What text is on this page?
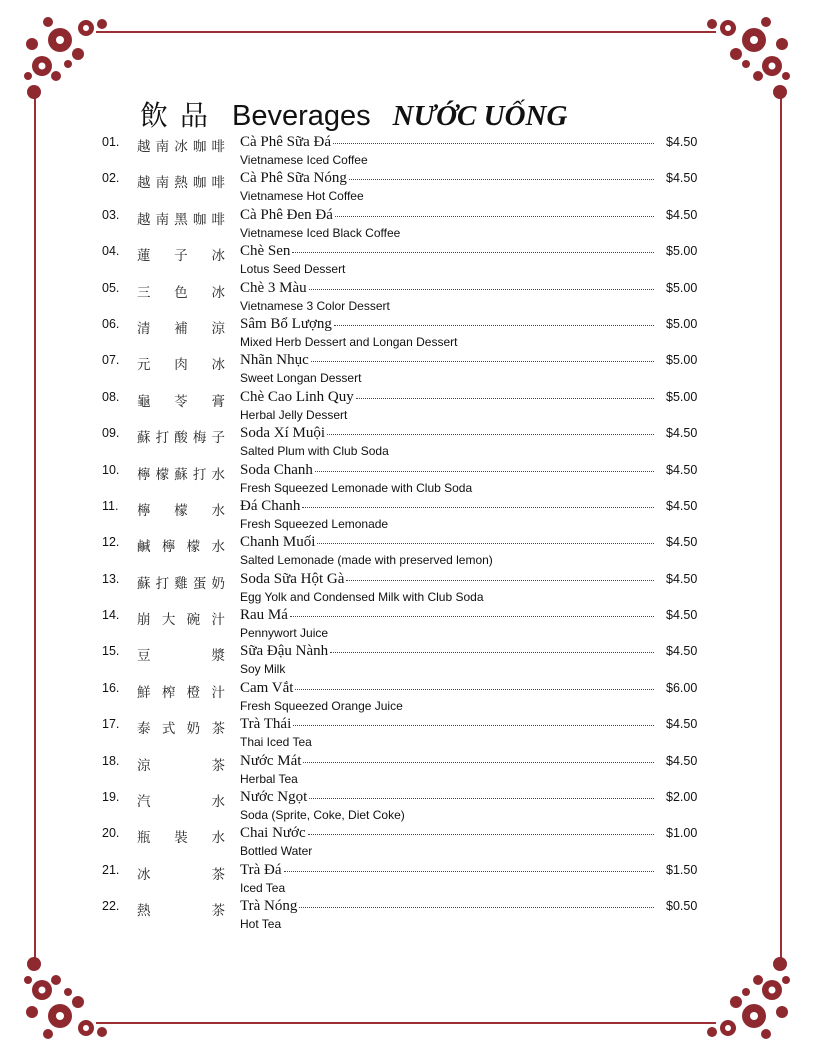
飲品 Beverages NƯỚC UỐNG
01. 越 南 冰 咖 啡 Cà Phê Sữa Đá	$4.50
Vietnamese Iced Coffee
02. 越 南 熱 咖 啡 Cà Phê Sữa Nóng	$4.50
Vietnamese Hot Coffee
03. 越 南 黑 咖 啡 Cà Phê Đen Đá	$4.50
Vietnamese Iced Black Coffee
04. 蓮 子 冰 Chè Sen	$5.00
Lotus Seed Dessert
05. 三 色 冰 Chè 3 Màu	$5.00
Vietnamese 3 Color Dessert
06. 清 補 涼 Sâm Bổ Lượng	$5.00
Mixed Herb Dessert and Longan Dessert
07. 元 肉 冰 Nhãn Nhục	$5.00
Sweet Longan Dessert
08. 龜 苓 膏 Chè Cao Linh Quy	$5.00
Herbal Jelly Dessert
09. 蘇 打 酸 梅 子 Soda Xí Muội	$4.50
Salted Plum with Club Soda
10. 檸 檬 蘇 打 水 Soda Chanh	$4.50
Fresh Squeezed Lemonade with Club Soda
11. 檸 檬 水 Đá Chanh	$4.50
Fresh Squeezed Lemonade
12. 鹹 檸 檬 水 Chanh Muối	$4.50
Salted Lemonade (made with preserved lemon)
13. 蘇 打 雞 蛋 奶 Soda Sữa Hột Gà	$4.50
Egg Yolk and Condensed Milk with Club Soda
14. 崩 大 碗 汁 Rau Má	$4.50
Pennywort Juice
15. 豆	漿 Sữa Đậu Nành	$4.50
Soy Milk
16. 鮮 榨 橙 汁 Cam Vắt	$6.00
Fresh Squeezed Orange Juice
17. 泰 式 奶 茶 Trà Thái	$4.50
Thai Iced Tea
18. 涼	茶 Nước Mát	$4.50
Herbal Tea
19. 汽	水 Nước Ngọt	$2.00
Soda (Sprite, Coke, Diet Coke)
20. 瓶 裝 水 Chai Nước	$1.00
Bottled Water
21. 冰	茶 Trà Đá	$1.50
Iced Tea
22. 熱	茶 Trà Nóng	$0.50
Hot Tea
